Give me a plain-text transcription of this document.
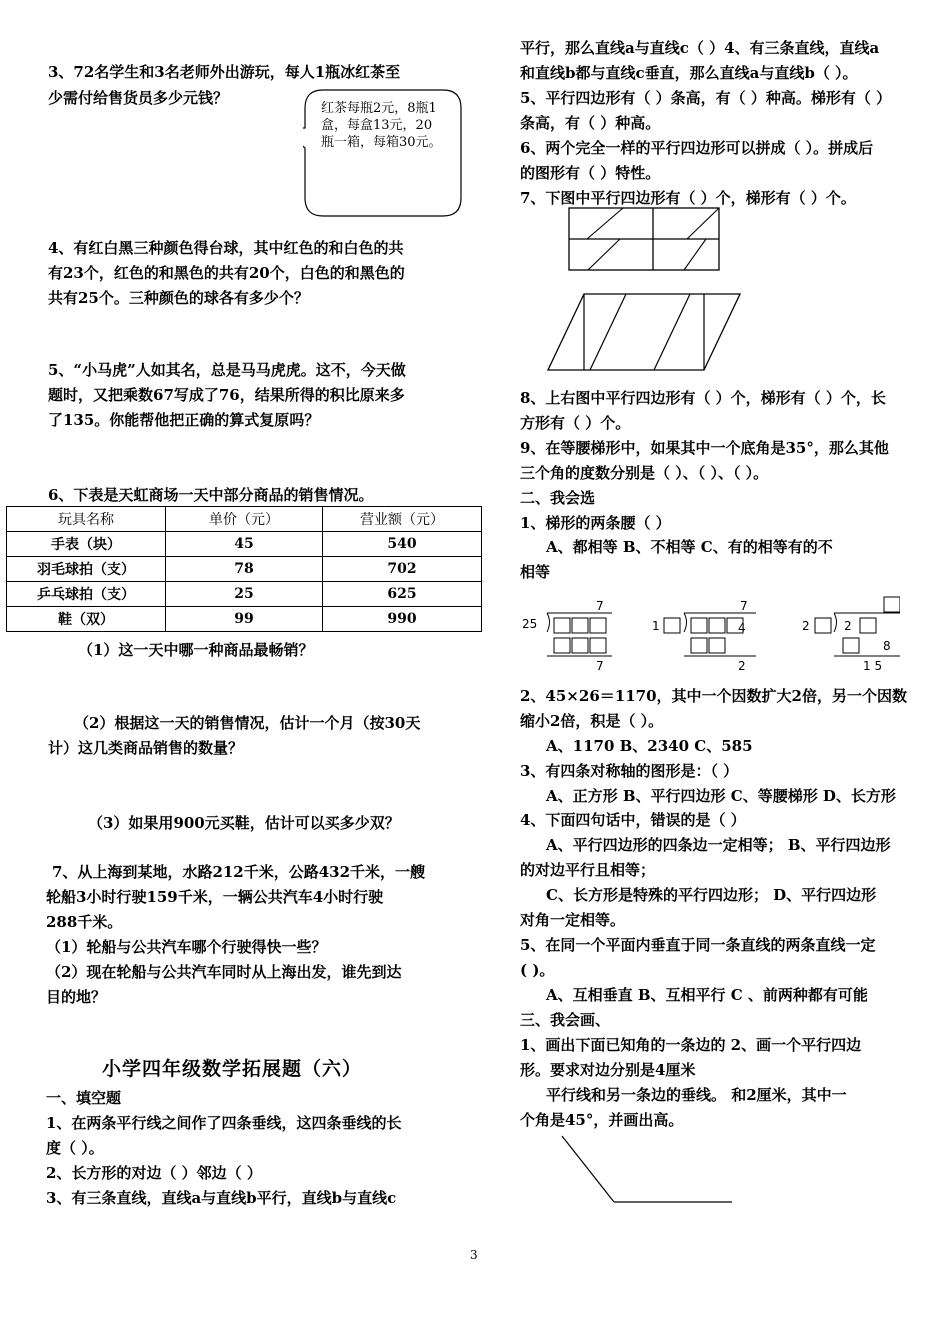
3、72名学生和3名老师外出游玩，每人1瓶冰红茶至
少需付给售货员多少元钱？
红茶每瓶2元，8瓶1盒，每盒13元，20瓶一箱，每箱30元。
4、有红白黑三种颜色得台球，其中红色的和白色的共
有23个，红色的和黑色的共有20个，白色的和黑色的
共有25个。三种颜色的球各有多少个？
5、“小马虎”人如其名，总是马马虎虎。这不，今天做
题时，又把乘数67写成了76，结果所得的积比原来多
了135。你能帮他把正确的算式复原吗？
6、下表是天虹商场一天中部分商品的销售情况。
玩具名称	单价（元）	营业额（元）
手表（块）	45	540
羽毛球拍（支）	78	702
乒乓球拍（支）	25	625
鞋（双）	99	990
（1）这一天中哪一种商品最畅销？
（2）根据这一天的销售情况，估计一个月（按30天
计）这几类商品销售的数量？
（3）如果用900元买鞋，估计可以买多少双？
7、从上海到某地，水路212千米，公路432千米，一艘
轮船3小时行驶159千米，一辆公共汽车4小时行驶
288千米。
（1）轮船与公共汽车哪个行驶得快一些？
（2）现在轮船与公共汽车同时从上海出发，谁先到达
目的地？
小学四年级数学拓展题（六）
一、填空题
1、在两条平行线之间作了四条垂线，这四条垂线的长
度（ ）。
2、长方形的对边（ ）邻边（ ）
3、有三条直线，直线a与直线b平行，直线b与直线c
平行，那么直线a与直线c（ ）4、有三条直线，直线a
和直线b都与直线c垂直，那么直线a与直线b（ ）。
5、平行四边形有（ ）条高，有（ ）种高。梯形有（ ）
条高，有（ ）种高。
6、两个完全一样的平行四边形可以拼成（ ）。拼成后
的图形有（ ）特性。
7、下图中平行四边形有（ ）个，梯形有（ ）个。
8、上右图中平行四边形有（ ）个，梯形有（ ）个，长
方形有（ ）个。
9、在等腰梯形中，如果其中一个底角是35°，那么其他
三个角的度数分别是（ ）、（ ）、（ ）。
二、我会选
1、梯形的两条腰（ ）
A、都相等 B、不相等 C、有的相等有的不
相等
25
7
7
1
7
4
2
2	2
8
1 5
2、45×26＝1170，其中一个因数扩大2倍，另一个因数
缩小2倍，积是（ ）。
A、1170 B、2340 C、585
3、有四条对称轴的图形是：（ ）
A、正方形 B、平行四边形 C、等腰梯形 D、长方形
4、下面四句话中，错误的是（ ）
A、平行四边形的四条边一定相等； B、平行四边形
的对边平行且相等；
C、长方形是特殊的平行四边形； D、平行四边形
对角一定相等。
5、在同一个平面内垂直于同一条直线的两条直线一定
( )。
A、互相垂直 B、互相平行 C 、前两种都有可能
三、我会画、
1、画出下面已知角的一条边的 2、画一个平行四边
形。要求对边分别是4厘米
平行线和另一条边的垂线。 和2厘米，其中一
个角是45°，并画出高。
3
